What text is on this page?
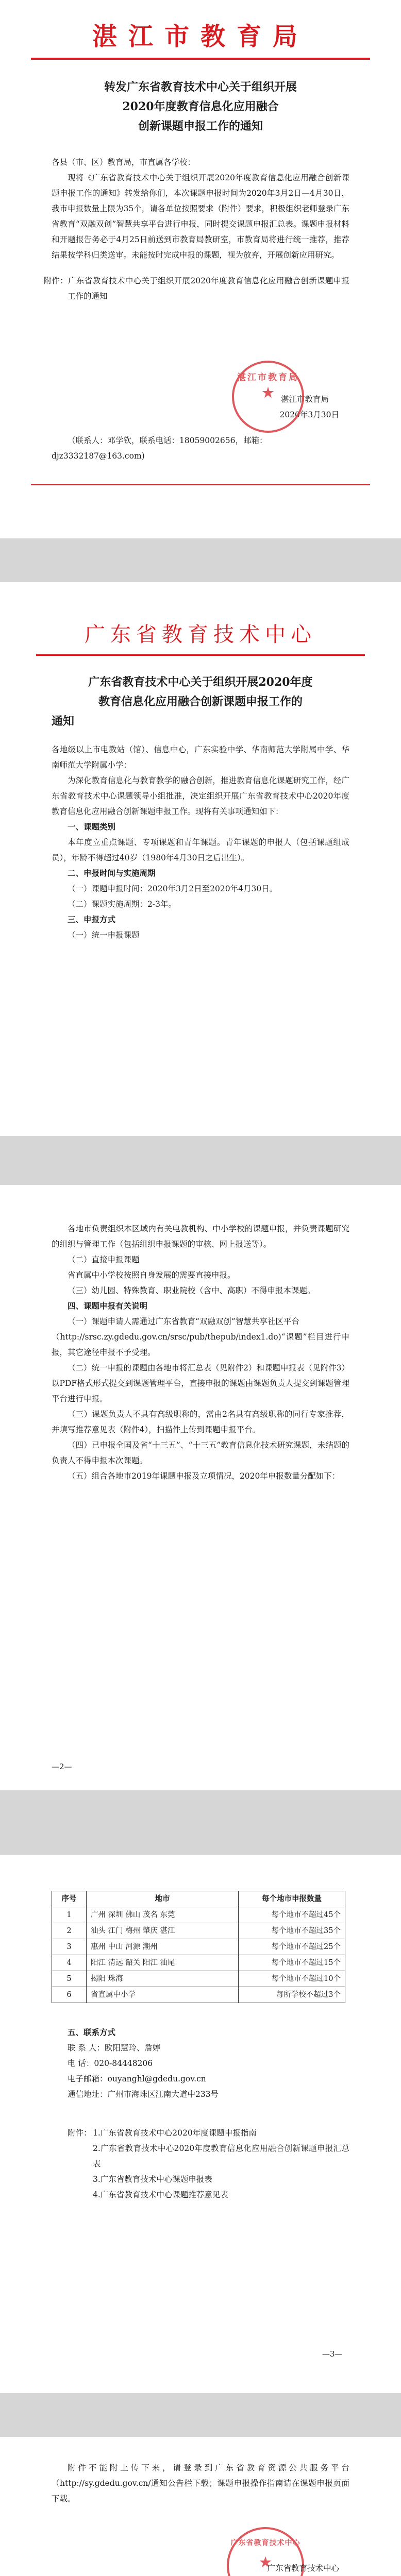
湛江市教育局

转发广东省教育技术中心关于组织开展

2020年度教育信息化应用融合

创新课题申报工作的通知

各县（市、区）教育局，市直属各学校：

现将《广东省教育技术中心关于组织开展2020年度教育信息化应用融合创新课题申报工作的通知》转发给你们，本次课题申报时间为2020年3月2日—4月30日，我市申报数量上限为35个，请各单位按照要求（附件）要求，积极组织老师登录广东省教育“双融双创”智慧共享平台进行申报，同时提交课题申报汇总表。课题申报材料和开题报告务必于4月25日前送到市教育局教研室，市教育局将进行统一推荐，推荐结果按学科归类送审。未能按时完成申报的课题，视为放弃，开展创新应用研究。

附件：广东省教育技术中心关于组织开展2020年度教育信息化应用融合创新课题申报工作的通知

湛江市教育局

2020年3月30日

★
湛江市教育局

（联系人：邓学钦，联系电话：18059002656，邮箱：

djz3332187@163.com)

广东省教育技术中心

广东省教育技术中心关于组织开展2020年度

教育信息化应用融合创新课题申报工作的

通知

各地级以上市电教站（馆）、信息中心，广东实验中学、华南师范大学附属中学、华南师范大学附属小学：

为深化教育信息化与教育教学的融合创新，推进教育信息化课题研究工作，经广东省教育技术中心课题领导小组批准，决定组织开展广东省教育技术中心2020年度教育信息化应用融合创新课题申报工作。现将有关事项通知如下：

一、课题类别

本年度立重点课题、专项课题和青年课题。青年课题的申报人（包括课题组成员），年龄不得超过40岁（1980年4月30日之后出生）。

二、申报时间与实施周期

（一）课题申报时间：2020年3月2日至2020年4月30日。

（二）课题实施周期：2-3年。

三、申报方式

（一）统一申报课题

各地市负责组织本区域内有关电教机构、中小学校的课题申报，并负责课题研究的组织与管理工作（包括组织申报课题的审核、网上报送等）。

（二）直接申报课题

省直属中小学校按照自身发展的需要直接申报。

（三）幼儿园、特殊教育、职业院校（含中、高职）不得申报本课题。

四、课题申报有关说明

（一）课题申请人需通过广东省教育“双融双创”智慧共享社区平台

（http://srsc.zy.gdedu.gov.cn/srsc/pub/thepub/index1.do)“课题”栏目进行申报，其它途径申报不予受理。

（二）统一申报的课题由各地市将汇总表（见附件2）和课题申报表（见附件3）以PDF格式形式提交到课题管理平台，直接申报的课题由课题负责人提交到课题管理平台进行申报。

（三）课题负责人不具有高级职称的，需由2名具有高级职称的同行专家推荐，并填写推荐意见表（附件4），扫描件上传到课题申报平台。

（四）已申报全国及省“十三五”、“十三五”教育信息化技术研究课题，未结题的负责人不得申报本次课题。

（五）组合各地市2019年课题申报及立项情况，2020年申报数量分配如下：

—2—
序号	地市	每个地市申报数量
1	广州 深圳 佛山 茂名 东莞	每个地市不超过45个
2	汕头 江门 梅州 肇庆 湛江	每个地市不超过35个
3	惠州 中山 河源 潮州	每个地市不超过25个
4	阳江 清远 韶关 阳江 汕尾	每个地市不超过15个
5	揭阳 珠海	每个地市不超过10个
6	省直属中小学	每所学校不超过3个

五、联系方式

联 系 人：欧阳慧玲、詹婷

电 话：020-84448206

电子邮箱：ouyanghl@gdedu.gov.cn

通信地址：广州市海珠区江南大道中233号

附件： 1.广东省教育技术中心2020年度课题申报指南

2.广东省教育技术中心2020年度教育信息化应用融合创新课题申报汇总表

3.广东省教育技术中心课题申报表

4.广东省教育技术中心课题推荐意见表

—3—

附件不能附上传下来，请登录到广东省教育资源公共服务平台（http://sy.gdedu.gov.cn/通知公告栏下载；课题申报操作指南请在课题申报页面下载。

★
广东省教育技术中心

广东省教育技术中心
